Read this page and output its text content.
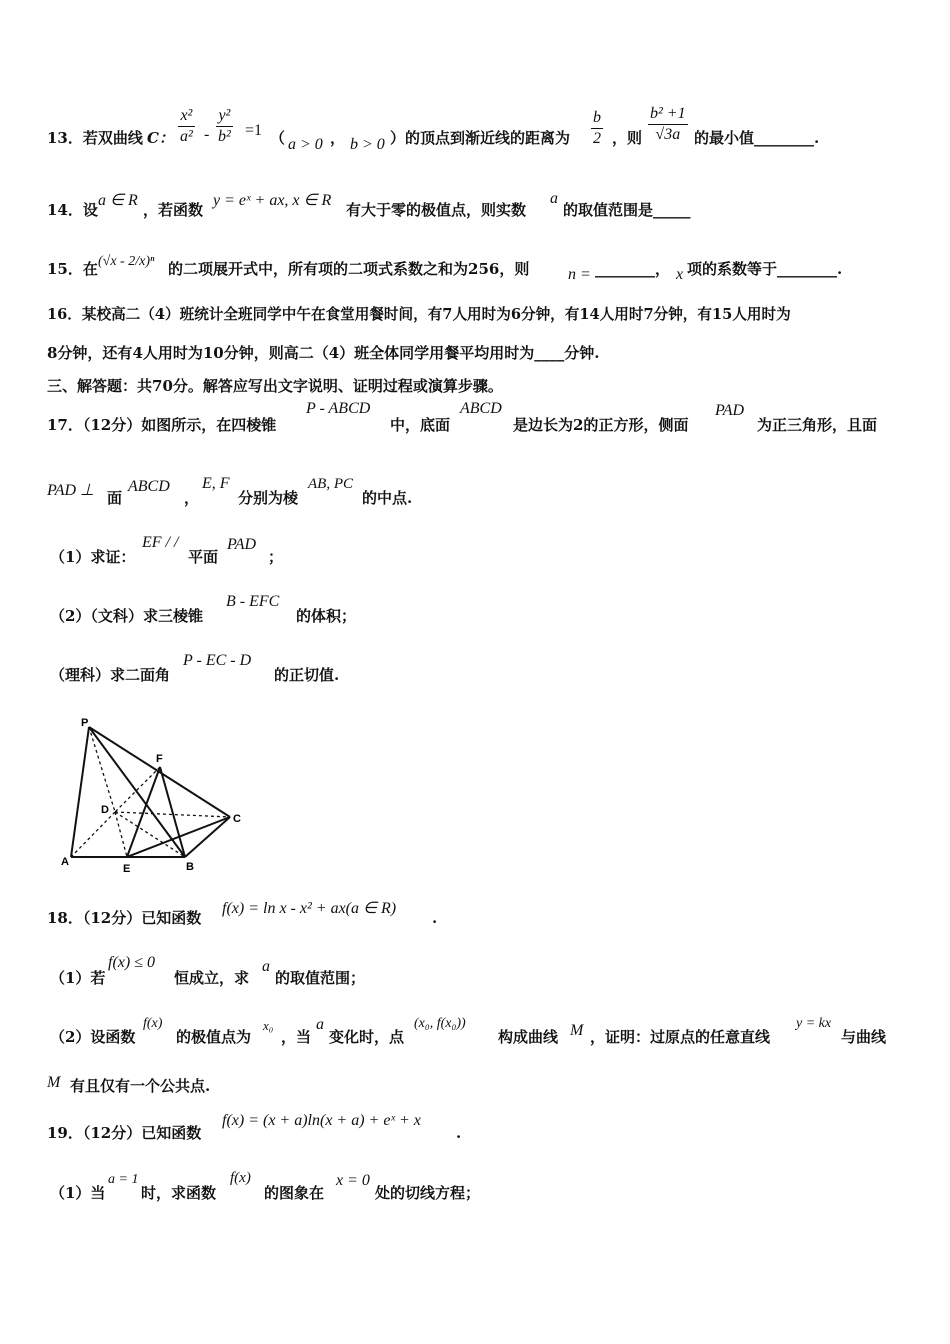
13．若双曲线 C：
x²
a² -
y²
b² =1 （ a > 0 ， b > 0 ）的顶点到渐近线的距离为
b
2 ，则
b² +1
√3a 的最小值________.
14．设
a ∈ R
，若函数
y = eˣ + ax, x ∈ R
有大于零的极值点，则实数
a
的取值范围是_____
15．在 (√x - 2/x)ⁿ 的二项展开式中，所有项的二项式系数之和为256，则 n = ________， x 项的系数等于________.
16．某校高二（4）班统计全班同学中午在食堂用餐时间，有7人用时为6分钟，有14人用时7分钟，有15人用时为
8分钟，还有4人用时为10分钟，则高二（4）班全体同学用餐平均用时为____分钟.
三、解答题：共70分。解答应写出文字说明、证明过程或演算步骤。
17．（12分）如图所示，在四棱锥
P - ABCD
中，底面
ABCD
是边长为2的正方形，侧面
PAD
为正三角形，且面
PAD ⊥ 面
ABCD
，
E, F
分别为棱
AB, PC
的中点.
（1）求证：
EF / /
平面
PAD
；
（2）（文科）求三棱锥
B - EFC
的体积；
（理科）求二面角
P - EC - D
的正切值.
P
F
D
C
A
E	B
18．（12分）已知函数
f(x) = ln x - x² + ax(a ∈ R)
.
（1）若
f(x) ≤ 0
恒成立，求
a
的取值范围；
（2）设函数
f(x)
的极值点为
x₀
，当
a
变化时，点
(x₀, f(x₀))
构成曲线 M ，证明：过原点的任意直线
y = kx
与曲线
M 有且仅有一个公共点.
19．（12分）已知函数
f(x) = (x + a)ln(x + a) + eˣ + x
.
（1）当
a = 1
时，求函数
f(x)
的图象在
x = 0
处的切线方程；
